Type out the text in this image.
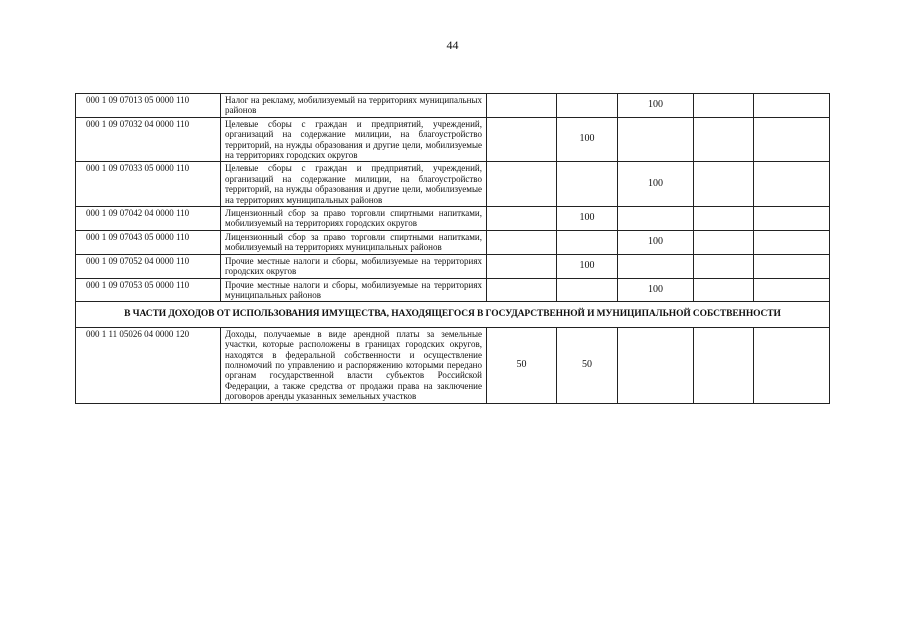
44
000 1 09 07013 05 0000 110	Налог на рекламу, мобилизуемый на территориях муниципальных районов			100		
000 1 09 07032 04 0000 110	Целевые сборы с граждан и предприятий, учреждений, организаций на содержание милиции, на благоустройство территорий, на нужды образования и другие цели, мобилизуемые на территориях городских округов		100			
000 1 09 07033 05 0000 110	Целевые сборы с граждан и предприятий, учреждений, организаций на содержание милиции, на благоустройство территорий, на нужды образования и другие цели, мобилизуемые на территориях муниципальных районов			100		
000 1 09 07042 04 0000 110	Лицензионный сбор за право торговли спиртными напитками, мобилизуемый на территориях городских округов		100			
000 1 09 07043 05 0000 110	Лицензионный сбор за право торговли спиртными напитками, мобилизуемый на территориях муниципальных районов			100		
000 1 09 07052 04 0000 110	Прочие местные налоги и сборы, мобилизуемые на территориях городских округов		100			
000 1 09 07053 05 0000 110	Прочие местные налоги и сборы, мобилизуемые на территориях муниципальных районов			100		
В ЧАСТИ ДОХОДОВ ОТ ИСПОЛЬЗОВАНИЯ ИМУЩЕСТВА, НАХОДЯЩЕГОСЯ В ГОСУДАРСТВЕННОЙ И МУНИЦИПАЛЬНОЙ СОБСТВЕННОСТИ						
000 1 11 05026 04 0000 120	Доходы, получаемые в виде арендной платы за земельные участки, которые расположены в границах городских округов, находятся в федеральной собственности и осуществление полномочий по управлению и распоряжению которыми передано органам государственной власти субъектов Российской Федерации, а также средства от продажи права на заключение договоров аренды указанных земельных участков	50	50			
